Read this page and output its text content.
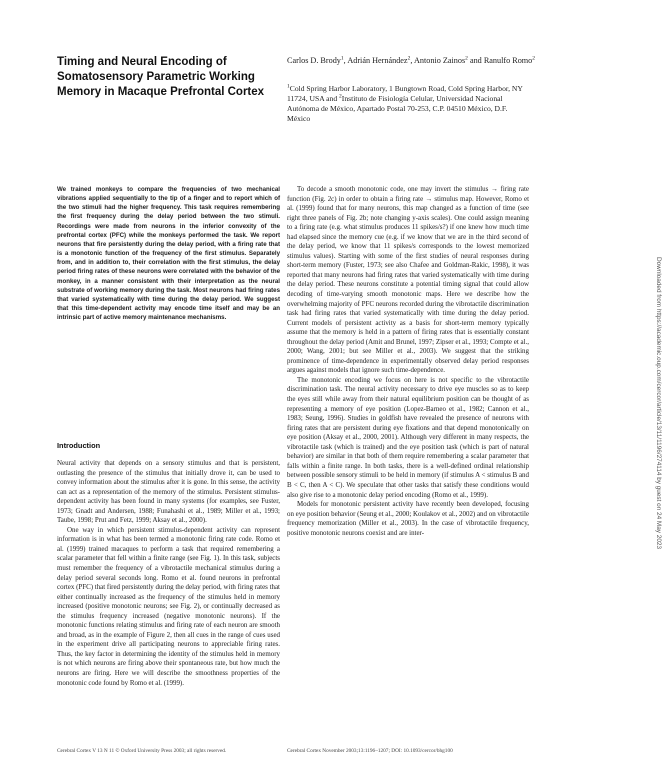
Timing and Neural Encoding of Somatosensory Parametric Working Memory in Macaque Prefrontal Cortex
Carlos D. Brody$^1$, Adrián Hernández$^2$, Antonio Zainos$^2$ and Ranulfo Romo$^2$
$^1$Cold Spring Harbor Laboratory, 1 Bungtown Road, Cold Spring Harbor, NY 11724, USA and $^2$Instituto de Fisiología Celular, Universidad Nacional Autónoma de México, Apartado Postal 70-253, C.P. 04510 México, D.F. México
We trained monkeys to compare the frequencies of two mechanical vibrations applied sequentially to the tip of a finger and to report which of the two stimuli had the higher frequency. This task requires remembering the first frequency during the delay period between the two stimuli. Recordings were made from neurons in the inferior convexity of the prefrontal cortex (PFC) while the monkeys performed the task. We report neurons that fire persistently during the delay period, with a firing rate that is a monotonic function of the frequency of the first stimulus. Separately from, and in addition to, their correlation with the first stimulus, the delay period firing rates of these neurons were correlated with the behavior of the monkey, in a manner consistent with their interpretation as the neural substrate of working memory during the task. Most neurons had firing rates that varied systematically with time during the delay period. We suggest that this time-dependent activity may encode time itself and may be an intrinsic part of active memory maintenance mechanisms.
Introduction

Neural activity that depends on a sensory stimulus and that is persistent, outlasting the presence of the stimulus that initially drove it, can be used to convey information about the stimulus after it is gone. In this sense, the activity can act as a representation of the memory of the stimulus. Persistent stimulus-dependent activity has been found in many systems (for examples, see Fuster, 1973; Gnadt and Andersen, 1988; Funahashi et al., 1989; Miller et al., 1993; Taube, 1998; Prut and Fetz, 1999; Aksay et al., 2000).

One way in which persistent stimulus-dependent activity can represent information is in what has been termed a monotonic firing rate code. Romo et al. (1999) trained macaques to perform a task that required remembering a scalar parameter that fell within a finite range (see Fig. 1). In this task, subjects must remember the frequency of a vibrotactile mechanical stimulus during a delay period several seconds long. Romo et al. found neurons in prefrontal cortex (PFC) that fired persistently during the delay period, with firing rates that either continually increased as the frequency of the stimulus held in memory increased (positive monotonic neurons; see Fig. 2), or continually decreased as the stimulus frequency increased (negative monotonic neurons). If the monotonic functions relating stimulus and firing rate of each neuron are smooth and broad, as in the example of Figure 2, then all cues in the range of cues used in the experiment drive all participating neurons to appreciable firing rates. Thus, the key factor in determining the identity of the stimulus held in memory is not which neurons are firing above their spontaneous rate, but how much the neurons are firing. Here we will describe the smoothness properties of the monotonic code found by Romo et al. (1999).

To decode a smooth monotonic code, one may invert the stimulus → firing rate function (Fig. 2c) in order to obtain a firing rate → stimulus map. However, Romo et al. (1999) found that for many neurons, this map changed as a function of time (see right three panels of Fig. 2b; note changing y-axis scales). One could assign meaning to a firing rate (e.g. what stimulus produces 11 spikes/s?) if one knew how much time had elapsed since the memory cue (e.g. if we know that we are in the third second of the delay period, we know that 11 spikes/s corresponds to the lowest memorized stimulus values). Starting with some of the first studies of neural responses during short-term memory (Fuster, 1973; see also Chafee and Goldman-Rakic, 1998), it was reported that many neurons had firing rates that varied systematically with time during the delay period. These neurons constitute a potential timing signal that could allow decoding of time-varying smooth monotonic maps. Here we describe how the overwhelming majority of PFC neurons recorded during the vibrotactile discrimination task had firing rates that varied systematically with time during the delay period. Current models of persistent activity as a basis for short-term memory typically assume that the memory is held in a pattern of firing rates that is essentially constant throughout the delay period (Amit and Brunel, 1997; Zipser et al., 1993; Compte et al., 2000; Wang, 2001; but see Miller et al., 2003). We suggest that the striking prominence of time-dependence in experimentally observed delay period responses argues against models that ignore such time-dependence.

The monotonic encoding we focus on here is not specific to the vibrotactile discrimination task. The neural activity necessary to drive eye muscles so as to keep the eyes still while away from their natural equilibrium position can be thought of as representing a memory of eye position (Lopez-Barneo et al., 1982; Cannon et al., 1983; Seung, 1996). Studies in goldfish have revealed the presence of neurons with firing rates that are persistent during eye fixations and that depend monotonically on eye position (Aksay et al., 2000, 2001). Although very different in many respects, the vibrotactile task (which is trained) and the eye position task (which is part of natural behavior) are similar in that both of them require remembering a scalar parameter that falls within a finite range. In both tasks, there is a well-defined ordinal relationship between possible sensory stimuli to be held in memory (if stimulus A < stimulus B and B < C, then A < C). We speculate that other tasks that satisfy these conditions would also give rise to a monotonic delay period encoding (Romo et al., 1999).

Models for monotonic persistent activity have recently been developed, focusing on eye position behavior (Seung et al., 2000; Koulakov et al., 2002) and on vibrotactile frequency memorization (Miller et al., 2003). In the case of vibrotactile frequency, positive monotonic neurons coexist and are inter-

Cerebral Cortex V 13 N 11 © Oxford University Press 2003; all rights reserved.	Cerebral Cortex November 2003;13:1196–1207; DOI: 10.1093/cercor/bhg100
Downloaded from https://academic.oup.com/cercor/article/13/11/1196/274114 by guest on 24 May 2023
